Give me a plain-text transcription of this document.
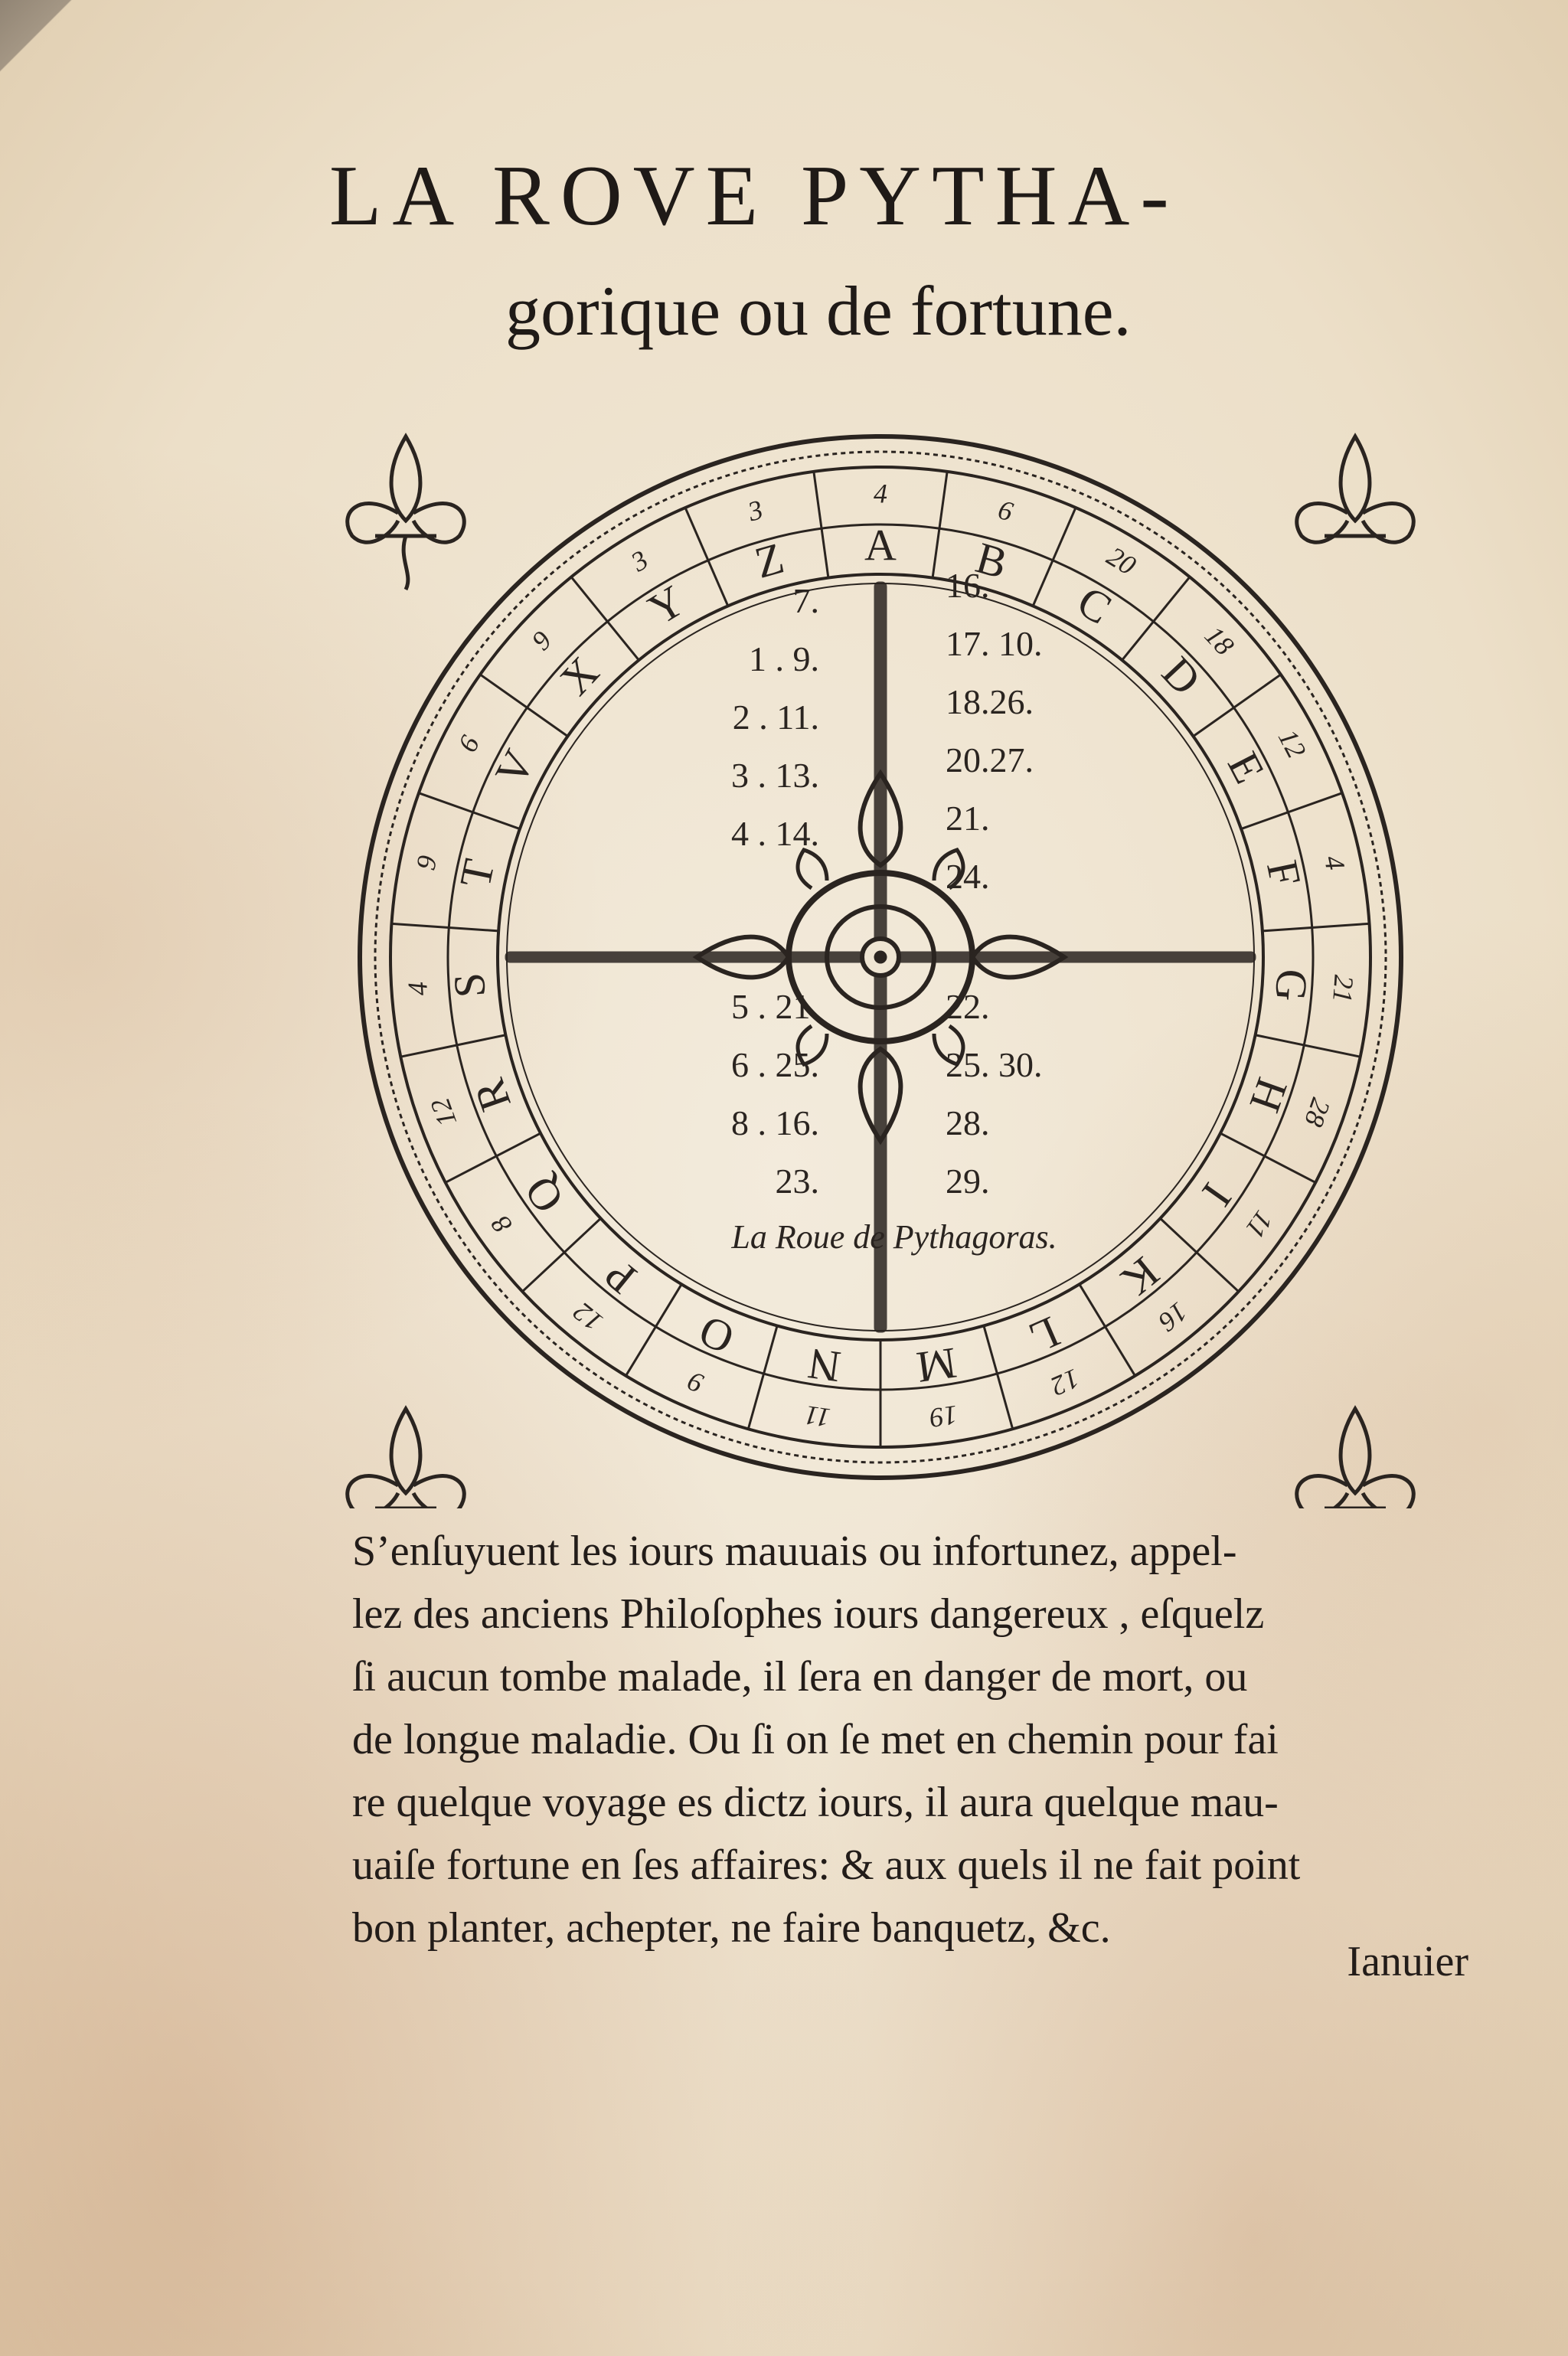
LA ROVE PYTHA-
gorique ou de fortune.
A B
C
D
E
F
G
H
I
K
L
M
N
O
P
Q
R
S
T
V
X
Y
Z
4
6
20
18
12
4
21
28
11
16
12
19
11
9
12
8
12
4
9
6
9
3
3
7.
1 . 9.
2 . 11.
3 . 13.
4 . 14.
16.
17. 10.
18.26.
20.27.
21.
24.
5 . 21.
6 . 25.
8 . 16.
23.
22.
25. 30.
28.
29.
La Roue de Pythagoras.
S’enſuyuent les iours mauuais ou infortunez, appel-
lez des anciens Philoſophes iours dangereux , eſquelz
ſi aucun tombe malade, il ſera en danger de mort, ou
de longue maladie. Ou ſi on ſe met en chemin pour fai
re quelque voyage es dictz iours, il aura quelque mau-
uaiſe fortune en ſes affaires: & aux quels il ne fait point
bon planter, achepter, ne faire banquetz, &c.
Ianuier
